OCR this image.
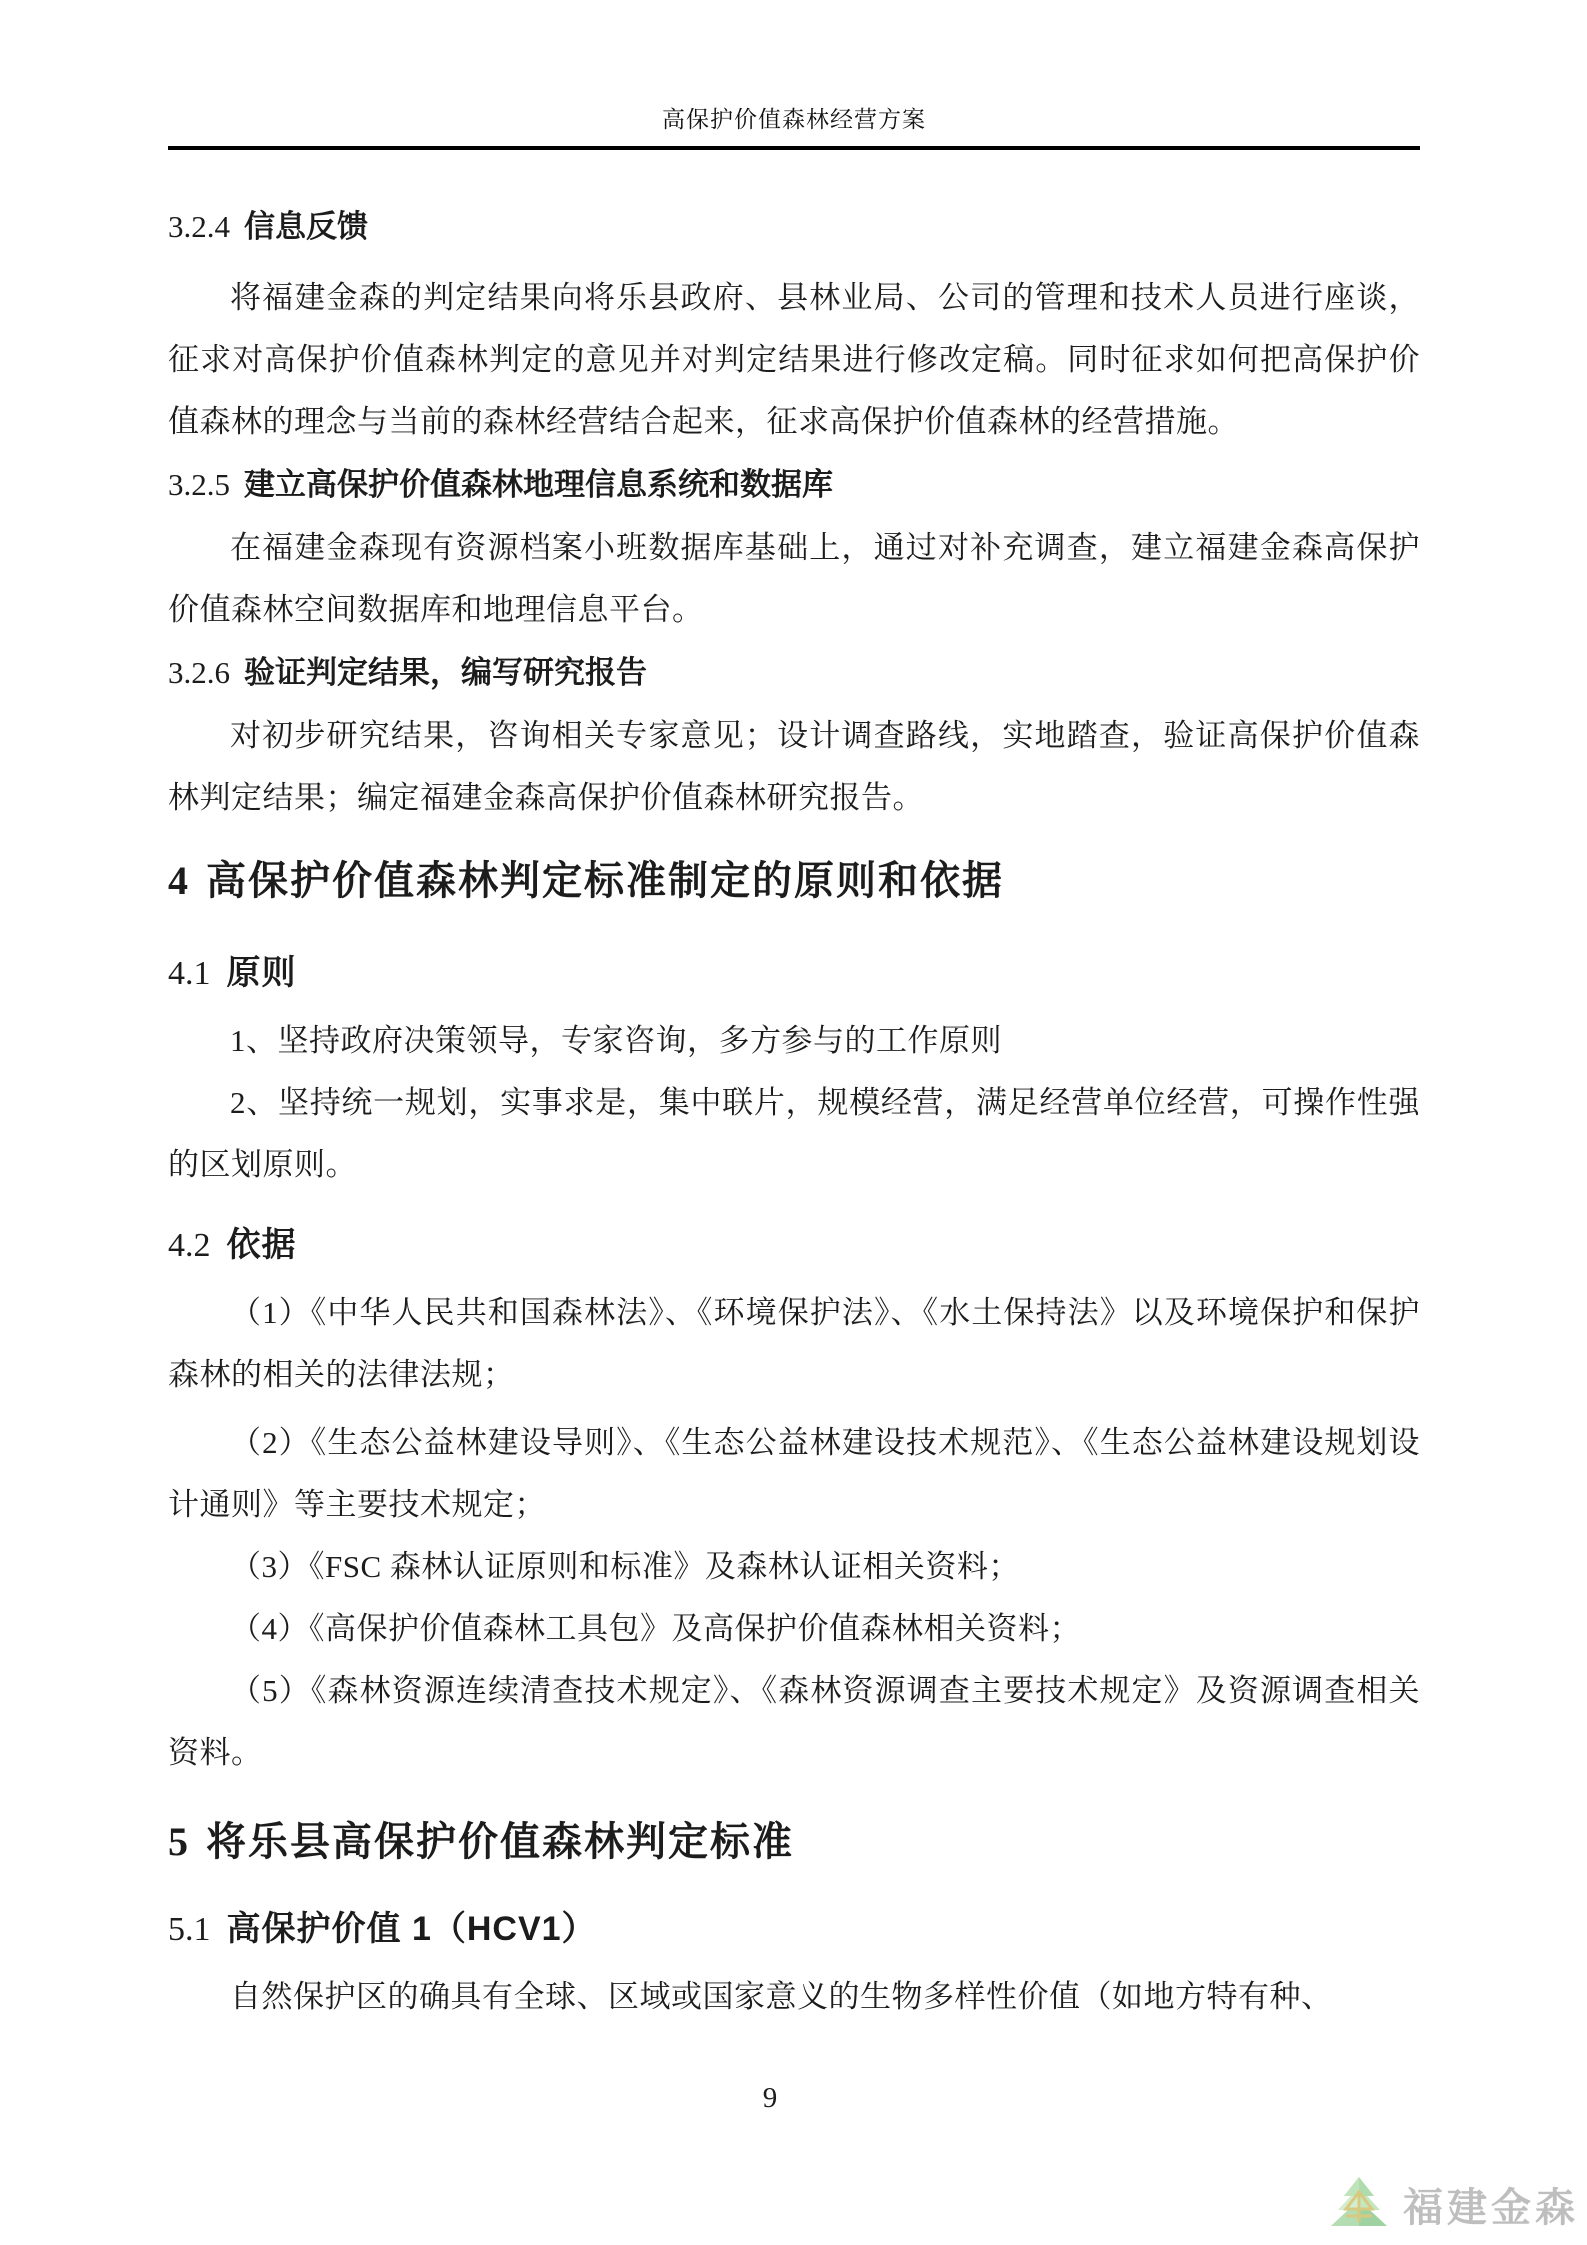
高保护价值森林经营方案
3.2.4 信息反馈

将福建金森的判定结果向将乐县政府、县林业局、公司的管理和技术人员进行座谈，征求对高保护价值森林判定的意见并对判定结果进行修改定稿。同时征求如何把高保护价值森林的理念与当前的森林经营结合起来，征求高保护价值森林的经营措施。

3.2.5 建立高保护价值森林地理信息系统和数据库

在福建金森现有资源档案小班数据库基础上，通过对补充调查，建立福建金森高保护价值森林空间数据库和地理信息平台。

3.2.6 验证判定结果，编写研究报告

对初步研究结果，咨询相关专家意见；设计调查路线，实地踏查，验证高保护价值森林判定结果；编定福建金森高保护价值森林研究报告。

4 高保护价值森林判定标准制定的原则和依据
4.1 原则

1、坚持政府决策领导，专家咨询，多方参与的工作原则

2、坚持统一规划，实事求是，集中联片，规模经营，满足经营单位经营，可操作性强的区划原则。

4.2 依据

（1）《中华人民共和国森林法》、《环境保护法》、《水土保持法》以及环境保护和保护森林的相关的法律法规；

（2）《生态公益林建设导则》、《生态公益林建设技术规范》、《生态公益林建设规划设计通则》等主要技术规定；

（3）《FSC 森林认证原则和标准》及森林认证相关资料；

（4）《高保护价值森林工具包》及高保护价值森林相关资料；

（5）《森林资源连续清查技术规定》、《森林资源调查主要技术规定》及资源调查相关资料。

5 将乐县高保护价值森林判定标准
5.1 高保护价值 1（HCV1）

自然保护区的确具有全球、区域或国家意义的生物多样性价值（如地方特有种、

9
福建金森
